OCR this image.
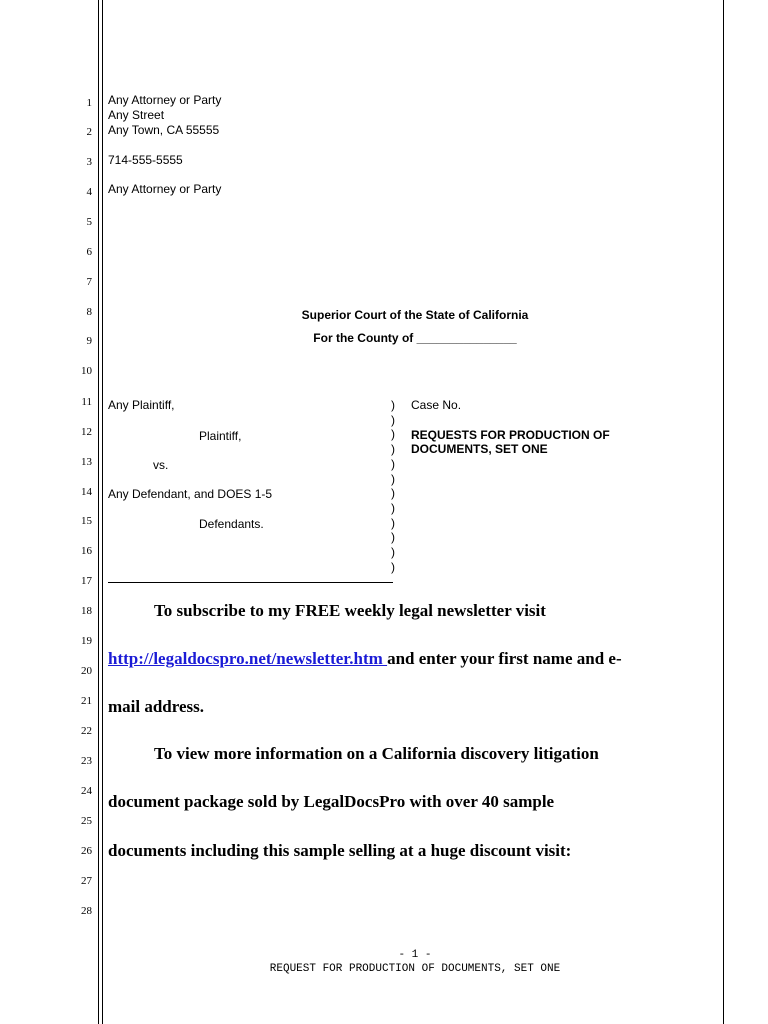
1
2
3
4
5
6
7
8
9
10
11
12
13
14
15
16
17
18
19
20
21
22
23
24
25
26
27
28
Any Attorney or Party
Any Street
Any Town, CA 55555
714-555-5555
Any Attorney or Party
Superior Court of the State of California
For the County of _______________
Any Plaintiff,
Plaintiff,
vs.
Any Defendant, and DOES 1-5
Defendants.
)
)
)
)
)
)
)
)
)
)
)
)
Case No.
REQUESTS FOR PRODUCTION OF
DOCUMENTS, SET ONE
To subscribe to my FREE weekly legal newsletter visit
http://legaldocspro.net/newsletter.htm and enter your first name and e-
mail address.
To view more information on a California discovery litigation
document package sold by LegalDocsPro with over 40 sample
documents including this sample selling at a huge discount visit:
- 1 -
REQUEST FOR PRODUCTION OF DOCUMENTS, SET ONE
